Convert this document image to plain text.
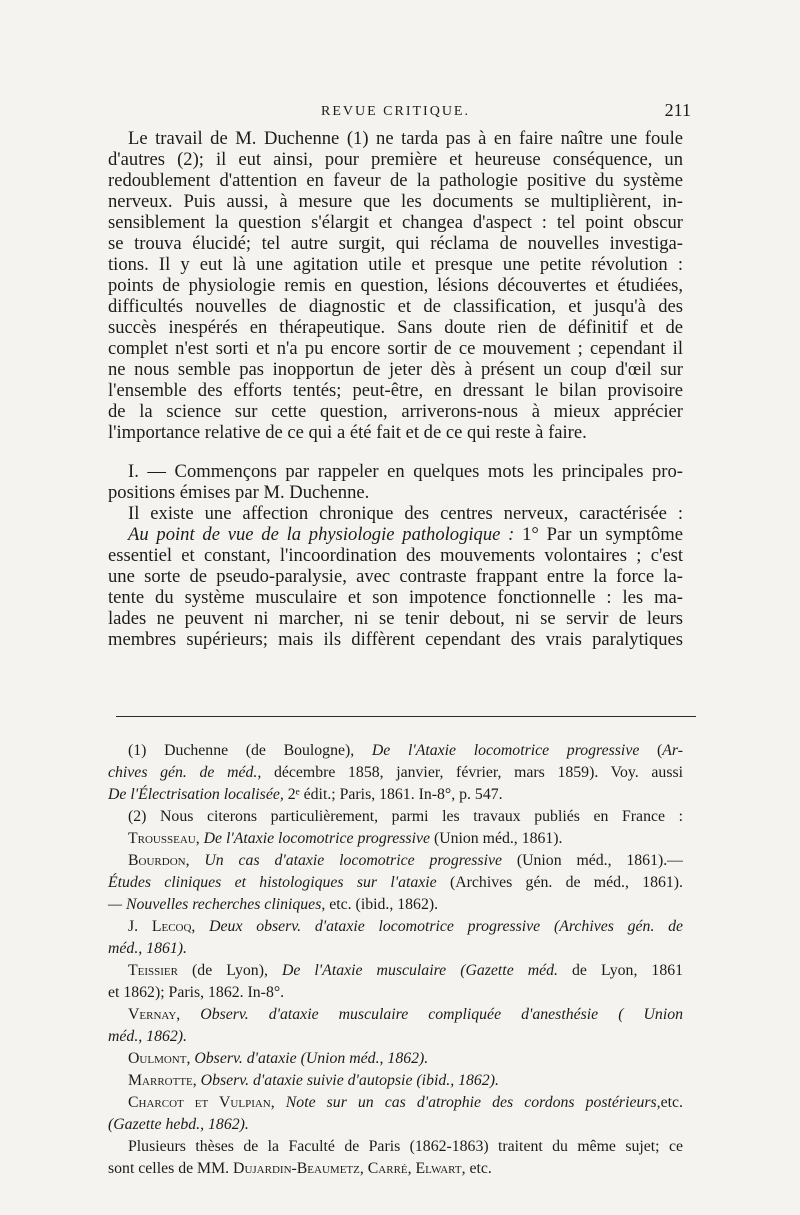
REVUE CRITIQUE.	211
Le travail de M. Duchenne (1) ne tarda pas à en faire naître une foule
d'autres (2); il eut ainsi, pour première et heureuse conséquence, un
redoublement d'attention en faveur de la pathologie positive du système
nerveux. Puis aussi, à mesure que les documents se multiplièrent, in-
sensiblement la question s'élargit et changea d'aspect : tel point obscur
se trouva élucidé; tel autre surgit, qui réclama de nouvelles investiga-
tions. Il y eut là une agitation utile et presque une petite révolution :
points de physiologie remis en question, lésions découvertes et étudiées,
difficultés nouvelles de diagnostic et de classification, et jusqu'à des
succès inespérés en thérapeutique. Sans doute rien de définitif et de
complet n'est sorti et n'a pu encore sortir de ce mouvement ; cependant il
ne nous semble pas inopportun de jeter dès à présent un coup d'œil sur
l'ensemble des efforts tentés; peut-être, en dressant le bilan provisoire
de la science sur cette question, arriverons-nous à mieux apprécier
l'importance relative de ce qui a été fait et de ce qui reste à faire.
I. — Commençons par rappeler en quelques mots les principales pro-
positions émises par M. Duchenne.
Il existe une affection chronique des centres nerveux, caractérisée :
Au point de vue de la physiologie pathologique : 1° Par un symptôme
essentiel et constant, l'incoordination des mouvements volontaires ; c'est
une sorte de pseudo-paralysie, avec contraste frappant entre la force la-
tente du système musculaire et son impotence fonctionnelle : les ma-
lades ne peuvent ni marcher, ni se tenir debout, ni se servir de leurs
membres supérieurs; mais ils diffèrent cependant des vrais paralytiques
(1) Duchenne (de Boulogne), De l'Ataxie locomotrice progressive (Ar-
chives gén. de méd., décembre 1858, janvier, février, mars 1859). Voy. aussi
De l'Électrisation localisée, 2ᵉ édit.; Paris, 1861. In-8°, p. 547.
(2) Nous citerons particulièrement, parmi les travaux publiés en France :
Trousseau, De l'Ataxie locomotrice progressive (Union méd., 1861).
Bourdon, Un cas d'ataxie locomotrice progressive (Union méd., 1861).—
Études cliniques et histologiques sur l'ataxie (Archives gén. de méd., 1861).
— Nouvelles recherches cliniques, etc. (ibid., 1862).
J. Lecoq, Deux observ. d'ataxie locomotrice progressive (Archives gén. de
méd., 1861).
Teissier (de Lyon), De l'Ataxie musculaire (Gazette méd. de Lyon, 1861
et 1862); Paris, 1862. In-8°.
Vernay, Observ. d'ataxie musculaire compliquée d'anesthésie ( Union
méd., 1862).
Oulmont, Observ. d'ataxie (Union méd., 1862).
Marrotte, Observ. d'ataxie suivie d'autopsie (ibid., 1862).
Charcot et Vulpian, Note sur un cas d'atrophie des cordons postérieurs,etc.
(Gazette hebd., 1862).
Plusieurs thèses de la Faculté de Paris (1862-1863) traitent du même sujet; ce
sont celles de MM. Dujardin-Beaumetz, Carré, Elwart, etc.
